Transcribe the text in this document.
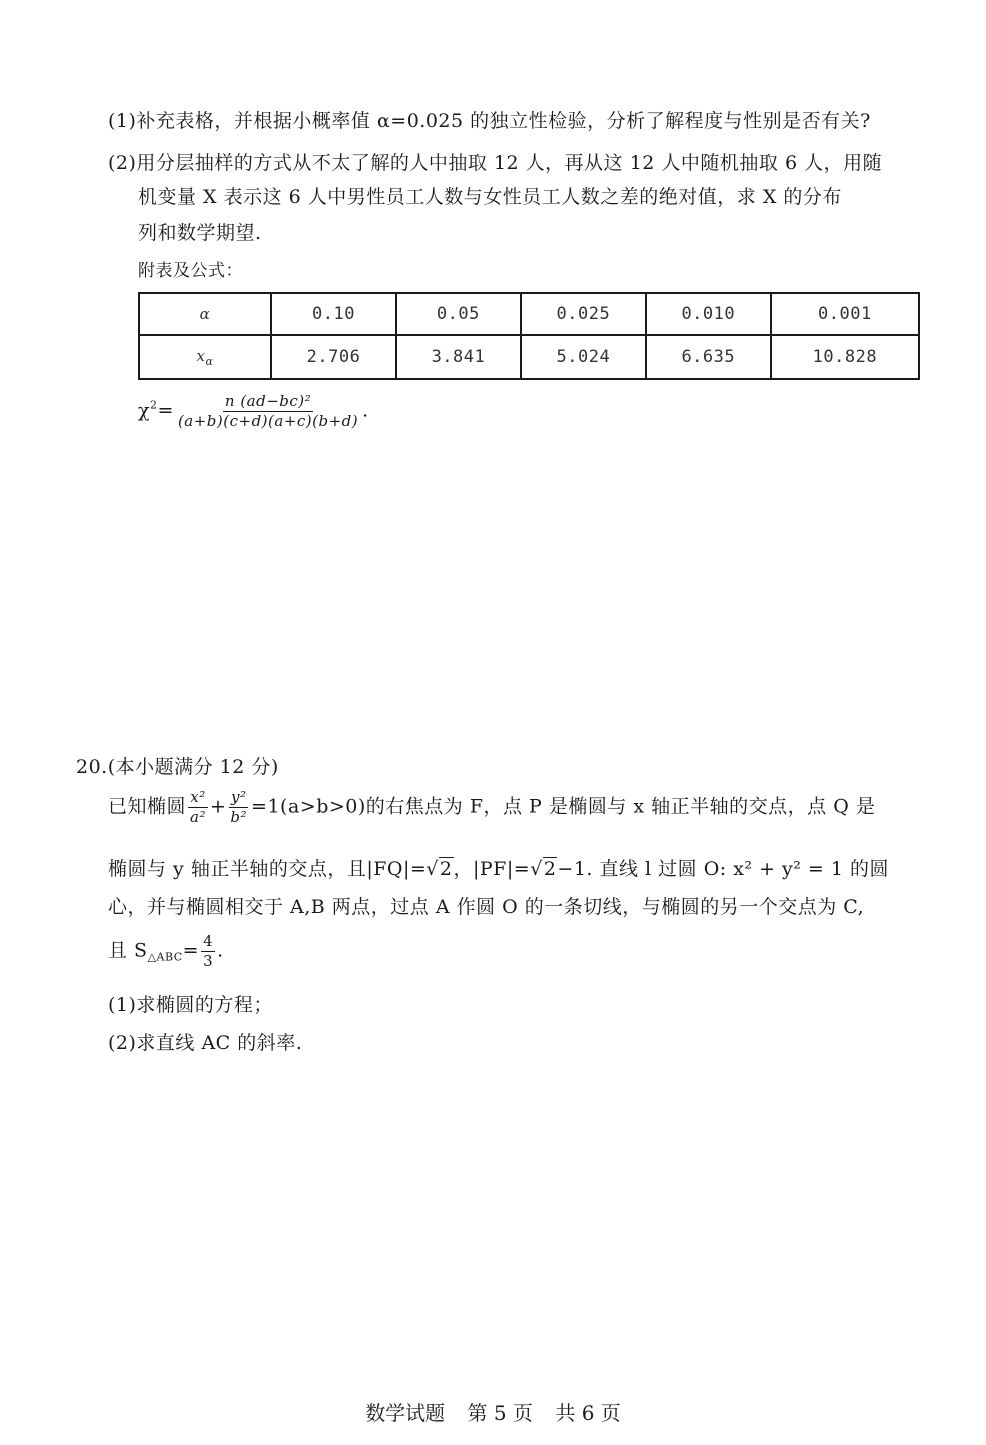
(1)补充表格，并根据小概率值 α=0.025 的独立性检验，分析了解程度与性别是否有关?
(2)用分层抽样的方式从不太了解的人中抽取 12 人，再从这 12 人中随机抽取 6 人，用随
机变量 X 表示这 6 人中男性员工人数与女性员工人数之差的绝对值，求 X 的分布
列和数学期望.
附表及公式：
α	0.10	0.05	0.025	0.010	0.001
$x_\alpha$	2.706	3.841	5.024	6.635	10.828
$\chi^2= \frac{\text{n (ad−bc)²}}{(a+b)(c+d)(a+c)(b+d)}$ .
20.(本小题满分 12 分)
已知椭圆 $\frac{\text{x²}}{\text{a²}} + \frac{\text{y²}}{\text{b²}} =1(a>b>0)$的右焦点为 F，点 P 是椭圆与 x 轴正半轴的交点，点 Q 是
椭圆与 y 轴正半轴的交点，且|FQ|=√2，|PF|=√2−1. 直线 l 过圆 O: x² + y² = 1 的圆
心，并与椭圆相交于 A,B 两点，过点 A 作圆 O 的一条切线，与椭圆的另一个交点为 C,
且 $S_{\triangle ABC}= \frac{4}{3}$ .
(1)求椭圆的方程；
(2)求直线 AC 的斜率.
数学试题 第 5 页 共 6 页
